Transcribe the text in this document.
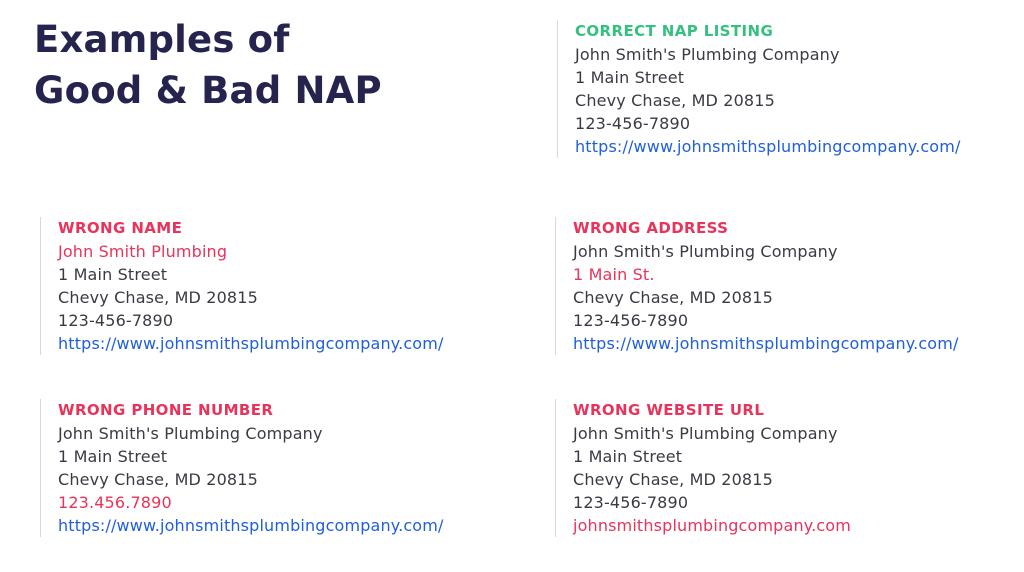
Examples of
Good & Bad NAP
CORRECT NAP LISTING
John Smith's Plumbing Company
1 Main Street
Chevy Chase, MD 20815
123-456-7890
https://www.johnsmithsplumbingcompany.com/
WRONG NAME
John Smith Plumbing
1 Main Street
Chevy Chase, MD 20815
123-456-7890
https://www.johnsmithsplumbingcompany.com/
WRONG ADDRESS
John Smith's Plumbing Company
1 Main St.
Chevy Chase, MD 20815
123-456-7890
https://www.johnsmithsplumbingcompany.com/
WRONG PHONE NUMBER
John Smith's Plumbing Company
1 Main Street
Chevy Chase, MD 20815
123.456.7890
https://www.johnsmithsplumbingcompany.com/
WRONG WEBSITE URL
John Smith's Plumbing Company
1 Main Street
Chevy Chase, MD 20815
123-456-7890
johnsmithsplumbingcompany.com
